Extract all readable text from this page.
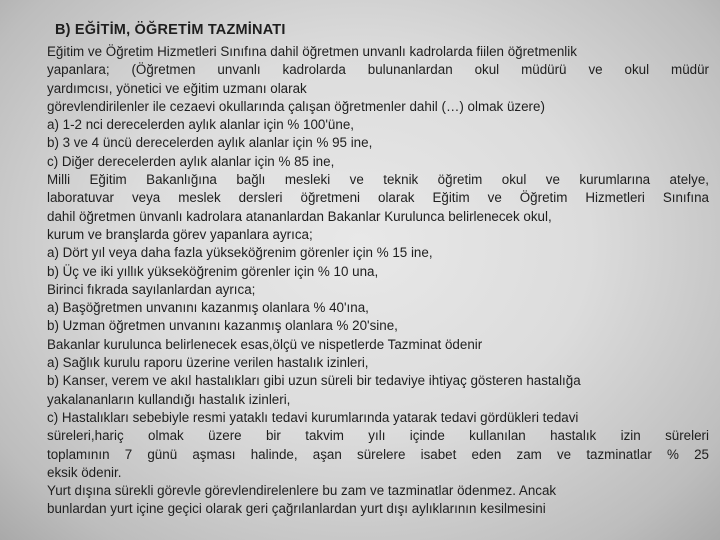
B) EĞİTİM, ÖĞRETİM TAZMİNATI
Eğitim ve Öğretim Hizmetleri Sınıfına dahil öğretmen unvanlı kadrolarda fiilen öğretmenlik
yapanlara; (Öğretmen unvanlı kadrolarda bulunanlardan okul müdürü ve okul müdür
yardımcısı, yönetici ve eğitim uzmanı olarak
görevlendirilenler ile cezaevi okullarında çalışan öğretmenler dahil (…) olmak üzere)
a) 1-2 nci derecelerden aylık alanlar için % 100'üne,
b) 3 ve 4 üncü derecelerden aylık alanlar için % 95 ine,
c) Diğer derecelerden aylık alanlar için % 85 ine,
Milli Eğitim Bakanlığına bağlı mesleki ve teknik öğretim okul ve kurumlarına atelye,
laboratuvar veya meslek dersleri öğretmeni olarak Eğitim ve Öğretim Hizmetleri Sınıfına
dahil öğretmen ünvanlı kadrolara atananlardan Bakanlar Kurulunca belirlenecek okul,
kurum ve branşlarda görev yapanlara ayrıca;
a) Dört yıl veya daha fazla yükseköğrenim görenler için % 15 ine,
b) Üç ve iki yıllık yükseköğrenim görenler için % 10 una,
Birinci fıkrada sayılanlardan ayrıca;
a) Başöğretmen unvanını kazanmış olanlara % 40'ına,
b) Uzman öğretmen unvanını kazanmış olanlara % 20'sine,
Bakanlar kurulunca belirlenecek esas,ölçü ve nispetlerde Tazminat ödenir
a) Sağlık kurulu raporu üzerine verilen hastalık izinleri,
b) Kanser, verem ve akıl hastalıkları gibi uzun süreli bir tedaviye ihtiyaç gösteren hastalığa
yakalananların kullandığı hastalık izinleri,
c) Hastalıkları sebebiyle resmi yataklı tedavi kurumlarında yatarak tedavi gördükleri tedavi
süreleri,hariç olmak üzere bir takvim yılı içinde kullanılan hastalık izin süreleri
toplamının 7 günü aşması halinde, aşan sürelere isabet eden zam ve tazminatlar % 25
eksik ödenir.
Yurt dışına sürekli görevle görevlendirelenlere bu zam ve tazminatlar ödenmez. Ancak
bunlardan yurt içine geçici olarak geri çağrılanlardan yurt dışı aylıklarının kesilmesini
